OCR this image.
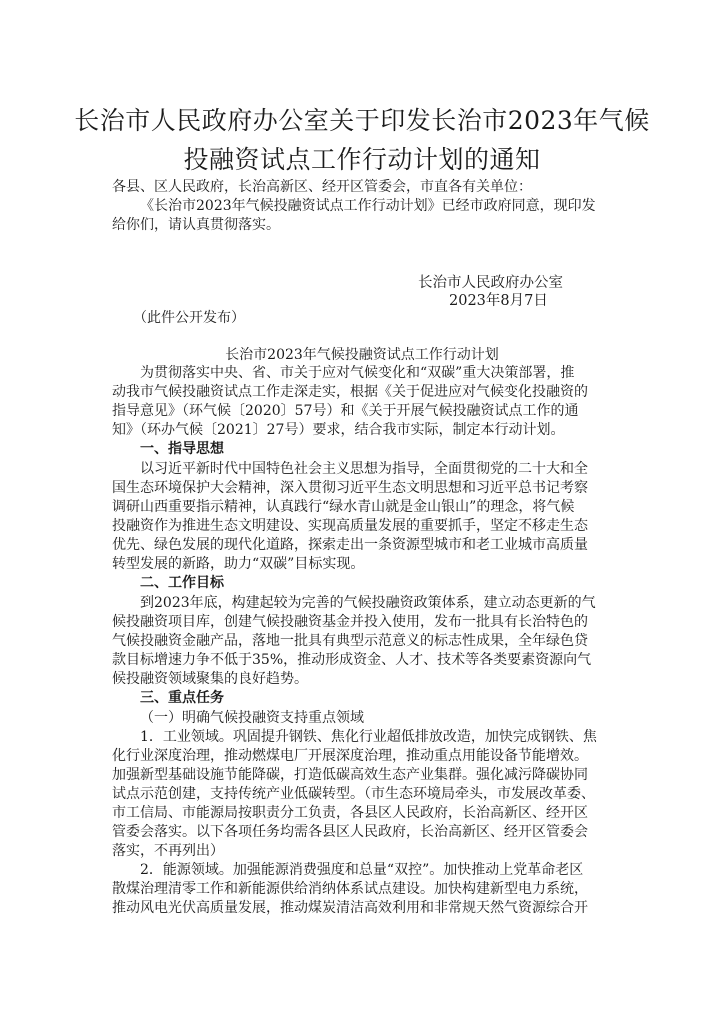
长治市人民政府办公室关于印发长治市2023年气候
投融资试点工作行动计划的通知

各县、区人民政府，长治高新区、经开区管委会，市直各有关单位：

《长治市2023年气候投融资试点工作行动计划》已经市政府同意，现印发

给你们，请认真贯彻落实。

长治市人民政府办公室
2023年8月7日

（此件公开发布）

长治市2023年气候投融资试点工作行动计划

为贯彻落实中央、省、市关于应对气候变化和“双碳”重大决策部署，推

动我市气候投融资试点工作走深走实，根据《关于促进应对气候变化投融资的

指导意见》（环气候〔2020〕57号）和《关于开展气候投融资试点工作的通

知》（环办气候〔2021〕27号）要求，结合我市实际，制定本行动计划。

一、指导思想

以习近平新时代中国特色社会主义思想为指导，全面贯彻党的二十大和全

国生态环境保护大会精神，深入贯彻习近平生态文明思想和习近平总书记考察

调研山西重要指示精神，认真践行“绿水青山就是金山银山”的理念，将气候

投融资作为推进生态文明建设、实现高质量发展的重要抓手，坚定不移走生态

优先、绿色发展的现代化道路，探索走出一条资源型城市和老工业城市高质量

转型发展的新路，助力“双碳”目标实现。

二、工作目标

到2023年底，构建起较为完善的气候投融资政策体系，建立动态更新的气

候投融资项目库，创建气候投融资基金并投入使用，发布一批具有长治特色的

气候投融资金融产品，落地一批具有典型示范意义的标志性成果，全年绿色贷

款目标增速力争不低于35%，推动形成资金、人才、技术等各类要素资源向气

候投融资领域聚集的良好趋势。

三、重点任务

（一）明确气候投融资支持重点领域

1．工业领域。巩固提升钢铁、焦化行业超低排放改造，加快完成钢铁、焦

化行业深度治理，推动燃煤电厂开展深度治理，推动重点用能设备节能增效。

加强新型基础设施节能降碳，打造低碳高效生态产业集群。强化减污降碳协同

试点示范创建，支持传统产业低碳转型。（市生态环境局牵头，市发展改革委、

市工信局、市能源局按职责分工负责，各县区人民政府，长治高新区、经开区

管委会落实。以下各项任务均需各县区人民政府，长治高新区、经开区管委会

落实，不再列出）

2．能源领域。加强能源消费强度和总量“双控”。加快推动上党革命老区

散煤治理清零工作和新能源供给消纳体系试点建设。加快构建新型电力系统，

推动风电光伏高质量发展，推动煤炭清洁高效利用和非常规天然气资源综合开
